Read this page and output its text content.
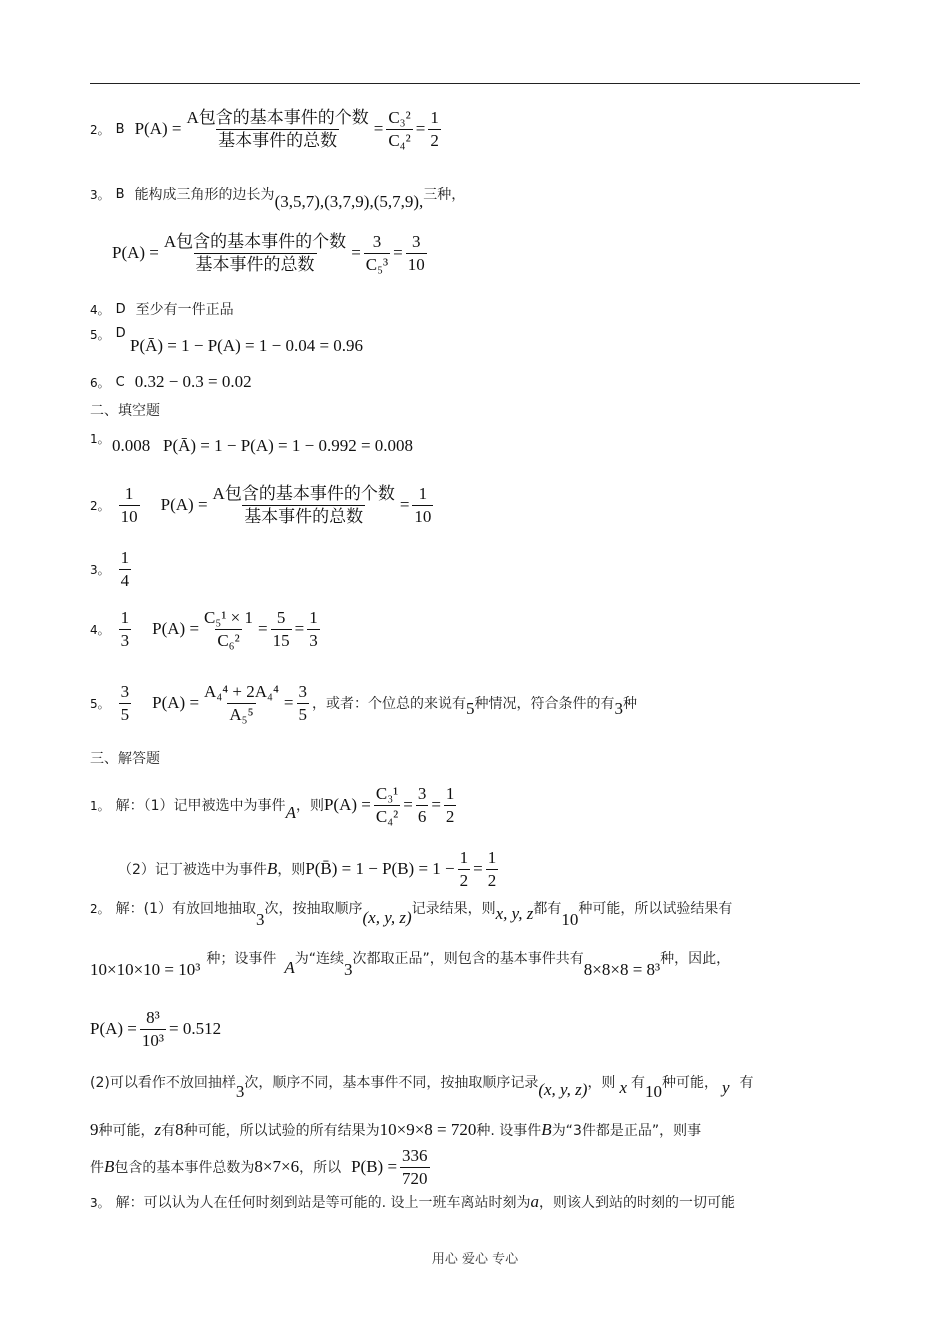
2。 B $P(A) = \frac{\text{A包含的基本事件的个数}}{\text{基本事件的总数}} = \frac{\text{C₃²}}{\text{C₄²}} = \frac{1}{2}$
3。 B 能构成三角形的边长为 (3,5,7),(3,7,9),(5,7,9), 三种，
$P(A) = \frac{\text{A包含的基本事件的个数}}{\text{基本事件的总数}} = \frac{3}{\text{C₅³}} = \frac{3}{10}$
4。 D 至少有一件正品
5。 D
P(Ā) = 1 − P(A) = 1 − 0.04 = 0.96
6。 C 0.32 − 0.3 = 0.02
二、填空题
1。 0.008   P(Ā) = 1 − P(A) = 1 − 0.992 = 0.008
2。 $\frac{1}{10} P(A) = \frac{\text{A包含的基本事件的个数}}{\text{基本事件的总数}} = \frac{1}{10}$
3。 $\frac{1}{4}$
4。 $\frac{1}{3} P(A) = \frac{\text{C₅¹ × 1}}{\text{C₆²}} = \frac{5}{15} = \frac{1}{3}$
5。 $\frac{3}{5} P(A) = \frac{\text{A₄⁴ + 2A₄⁴}}{\text{A₅⁵}} = \frac{3}{5}$ ，或者：个位总的来说有 5 种情况，符合条件的有 3 种
三、解答题
1。 解：（1）记甲被选中为事件 A ，则 $P(A) = \frac{\text{C₃¹}}{\text{C₄²}} = \frac{3}{6} = \frac{1}{2}$
（2）记丁被选中为事件 B ，则 P(B̄) = $1 - P(B) = 1 - \frac{1}{2} = \frac{1}{2}$
2。 解：(1）有放回地抽取
3
次，按抽取顺序 (x, y, z) 记录结果，则 x, y, z 都有
10
种可能，所以试验结果有
10×10×10 = 10³
种；设事件 A 为“连续
3
次都取正品”，则包含的基本事件共有
8×8×8 = 8³
种，因此，
$P(A) = \frac{\text{8³}}{\text{10³}} = 0.512$
(2)可以看作不放回抽样 3 次，顺序不同，基本事件不同，按抽取顺序记录 (x, y, z) ，则 x 有 10 种可能， y 有
9 种可能， z 有 8 种可能，所以试验的所有结果为 10×9×8 = 720 种. 设事件 B 为“3件都是正品”，则事
件 B 包含的基本事件总数为 8×7×6 ，所以 $P(B) = \frac{336}{720}$
3。 解：可以认为人在任何时刻到站是等可能的. 设上一班车离站时刻为 a ，则该人到站的时刻的一切可能
用心 爱心 专心
